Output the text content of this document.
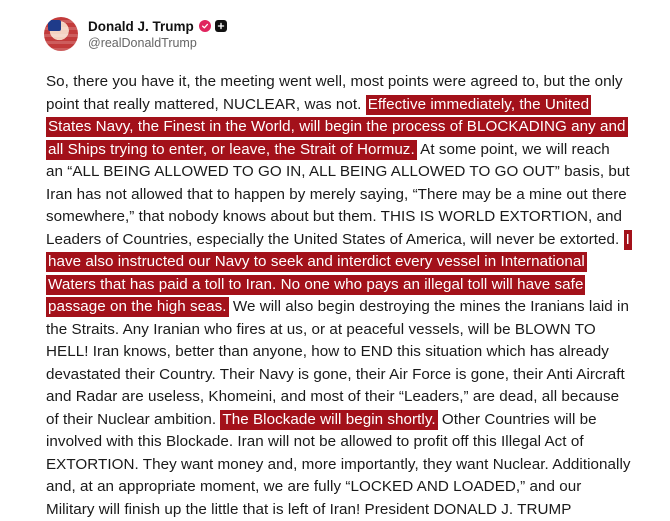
Donald J. Trump
@realDonaldTrump
So, there you have it, the meeting went well, most points were agreed to, but the only point that really mattered, NUCLEAR, was not. Effective immediately, the United States Navy, the Finest in the World, will begin the process of BLOCKADING any and all Ships trying to enter, or leave, the Strait of Hormuz. At some point, we will reach an “ALL BEING ALLOWED TO GO IN, ALL BEING ALLOWED TO GO OUT” basis, but Iran has not allowed that to happen by merely saying, “There may be a mine out there somewhere,” that nobody knows about but them. THIS IS WORLD EXTORTION, and Leaders of Countries, especially the United States of America, will never be extorted. I have also instructed our Navy to seek and interdict every vessel in International Waters that has paid a toll to Iran. No one who pays an illegal toll will have safe passage on the high seas. We will also begin destroying the mines the Iranians laid in the Straits. Any Iranian who fires at us, or at peaceful vessels, will be BLOWN TO HELL! Iran knows, better than anyone, how to END this situation which has already devastated their Country. Their Navy is gone, their Air Force is gone, their Anti Aircraft and Radar are useless, Khomeini, and most of their “Leaders,” are dead, all because of their Nuclear ambition. The Blockade will begin shortly. Other Countries will be involved with this Blockade. Iran will not be allowed to profit off this Illegal Act of EXTORTION. They want money and, more importantly, they want Nuclear. Additionally and, at an appropriate moment, we are fully “LOCKED AND LOADED,” and our Military will finish up the little that is left of Iran! President DONALD J. TRUMP
